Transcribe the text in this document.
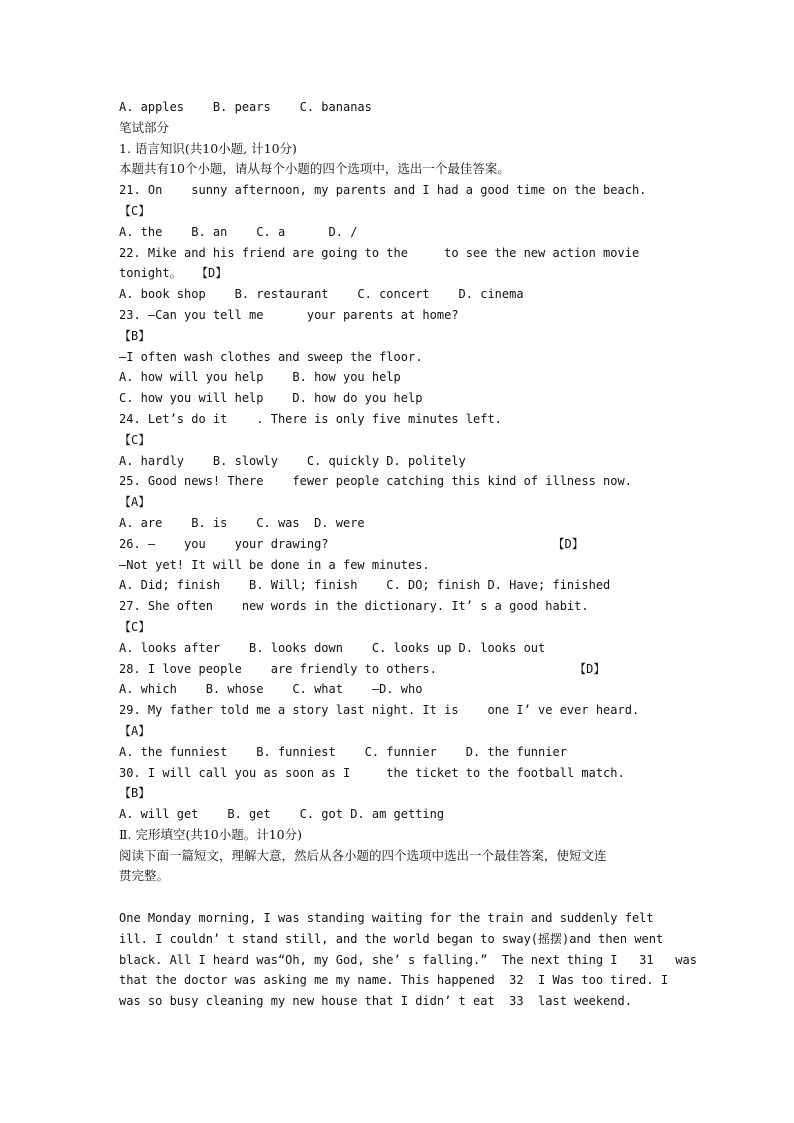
A. apples    B. pears    C. bananas
笔试部分
1. 语言知识(共10小题, 计10分)
本题共有10个小题，请从每个小题的四个选项中，选出一个最佳答案。
21. On    sunny afternoon, my parents and I had a good time on the beach.
【C】
A. the    B. an    C. a      D. /
22. Mike and his friend are going to the     to see the new action movie
tonight。  【D】
A. book shop    B. restaurant    C. concert    D. cinema
23. —Can you tell me      your parents at home?
【B】
—I often wash clothes and sweep the floor.
A. how will you help    B. how you help
C. how you will help    D. how do you help
24. Let’s do it    . There is only five minutes left.
【C】
A. hardly    B. slowly    C. quickly D. politely
25. Good news! There    fewer people catching this kind of illness now.
【A】
A. are    B. is    C. was  D. were
26. —    you    your drawing?                               【D】
—Not yet! It will be done in a few minutes.
A. Did; finish    B. Will; finish    C. DO; finish D. Have; finished
27. She often    new words in the dictionary. It’ s a good habit.
【C】
A. looks after    B. looks down    C. looks up D. looks out
28. I love people    are friendly to others.                   【D】
A. which    B. whose    C. what    —D. who
29. My father told me a story last night. It is    one I’ ve ever heard.
【A】
A. the funniest    B. funniest    C. funnier    D. the funnier
30. I will call you as soon as I     the ticket to the football match.
【B】
A. will get    B. get    C. got D. am getting
Ⅱ. 完形填空(共10小题。计10分)
阅读下面一篇短文，理解大意，然后从各小题的四个选项中选出一个最佳答案，使短文连
贯完整。
One Monday morning, I was standing waiting for the train and suddenly felt
ill. I couldn’ t stand still, and the world began to sway(摇摆)and then went
black. All I heard was“Oh, my God, she’ s falling.”  The next thing I   31   was
that the doctor was asking me my name. This happened  32  I Was too tired. I
was so busy cleaning my new house that I didn’ t eat  33  last weekend.
